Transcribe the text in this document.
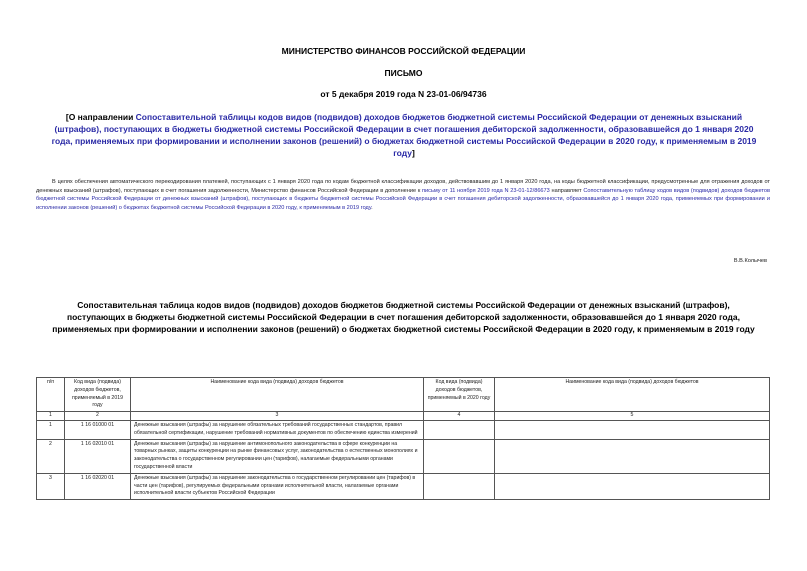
МИНИСТЕРСТВО ФИНАНСОВ РОССИЙСКОЙ ФЕДЕРАЦИИ
ПИСЬМО
от 5 декабря 2019 года N 23-01-06/94736
[О направлении Сопоставительной таблицы кодов видов (подвидов) доходов бюджетов бюджетной системы Российской Федерации от денежных взысканий (штрафов), поступающих в бюджеты бюджетной системы Российской Федерации в счет погашения дебиторской задолженности, образовавшейся до 1 января 2020 года, применяемых при формировании и исполнении законов (решений) о бюджетах бюджетной системы Российской Федерации в 2020 году, к применяемым в 2019 году]
В целях обеспечения автоматического перекодирования платежей, поступающих с 1 января 2020 года по кодам бюджетной классификации доходов, действовавшим до 1 января 2020 года, на коды бюджетной классификации, предусмотренные для отражения доходов от денежных взысканий (штрафов), поступающих в счет погашения задолженности, Министерство финансов Российской Федерации в дополнение к письму от 11 ноября 2019 года N 23-01-12/86673 направляет Сопоставительную таблицу кодов видов (подвидов) доходов бюджетов бюджетной системы Российской Федерации от денежных взысканий (штрафов), поступающих в бюджеты бюджетной системы Российской Федерации в счет погашения дебиторской задолженности, образовавшейся до 1 января 2020 года, применяемых при формировании и исполнении законов (решений) о бюджетах бюджетной системы Российской Федерации в 2020 году, к применяемым в 2019 году.
В.В.Колычев
Сопоставительная таблица кодов видов (подвидов) доходов бюджетов бюджетной системы Российской Федерации от денежных взысканий (штрафов), поступающих в бюджеты бюджетной системы Российской Федерации в счет погашения дебиторской задолженности, образовавшейся до 1 января 2020 года, применяемых при формировании и исполнении законов (решений) о бюджетах бюджетной системы Российской Федерации в 2020 году, к применяемым в 2019 году
п/п	Код вида (подвида) доходов бюджетов, применяемый в 2019 году	Наименование кода вида (подвида) доходов бюджетов	Код вида (подвида) доходов бюджетов, применяемый в 2020 году	Наименование кода вида (подвида) доходов бюджетов
1	2	3	4	5
1	1 16 01000 01	Денежные взыскания (штрафы) за нарушение обязательных требований государственных стандартов, правил обязательной сертификации, нарушение требований нормативных документов по обеспечению единства измерений		
2	1 16 02010 01	Денежные взыскания (штрафы) за нарушение антимонопольного законодательства в сфере конкуренции на товарных рынках, защиты конкуренции на рынке финансовых услуг, законодательства о естественных монополиях и законодательства о государственном регулировании цен (тарифов), налагаемые федеральными органами государственной власти		
3	1 16 02020 01	Денежные взыскания (штрафы) за нарушение законодательства о государственном регулировании цен (тарифов) в части цен (тарифов), регулируемых федеральными органами исполнительной власти, налагаемые органами исполнительной власти субъектов Российской Федерации		
